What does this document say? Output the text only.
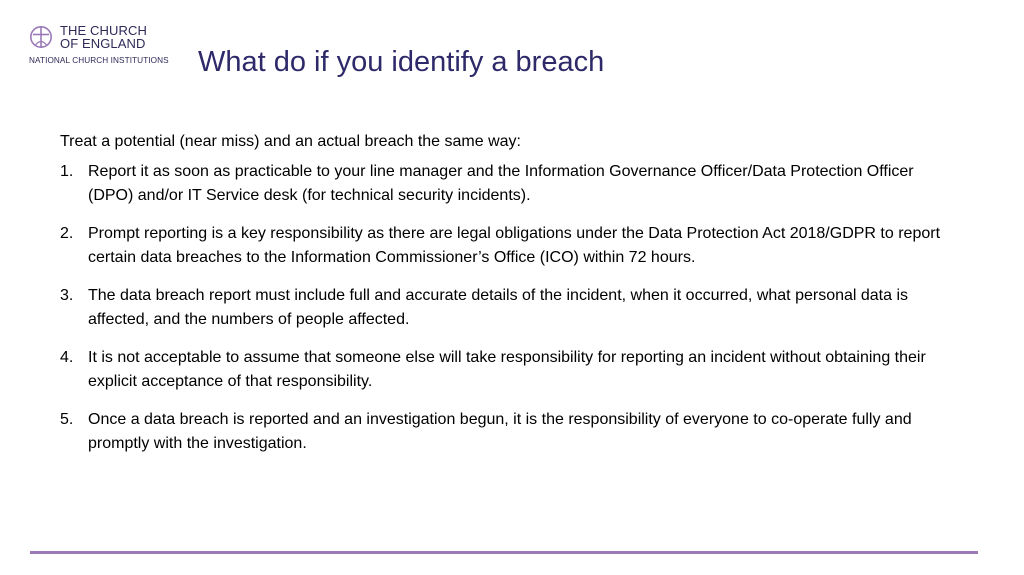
THE CHURCH
OF ENGLAND
NATIONAL CHURCH INSTITUTIONS What do if you identify a breach

Treat a potential (near miss) and an actual breach the same way:

1. Report it as soon as practicable to your line manager and the Information Governance Officer/Data Protection Officer (DPO) and/or IT Service desk (for technical security incidents).
2. Prompt reporting is a key responsibility as there are legal obligations under the Data Protection Act 2018/GDPR to report certain data breaches to the Information Commissioner’s Office (ICO) within 72 hours.
3. The data breach report must include full and accurate details of the incident, when it occurred, what personal data is affected, and the numbers of people affected.
4. It is not acceptable to assume that someone else will take responsibility for reporting an incident without obtaining their explicit acceptance of that responsibility.
5. Once a data breach is reported and an investigation begun, it is the responsibility of everyone to co-operate fully and promptly with the investigation.
